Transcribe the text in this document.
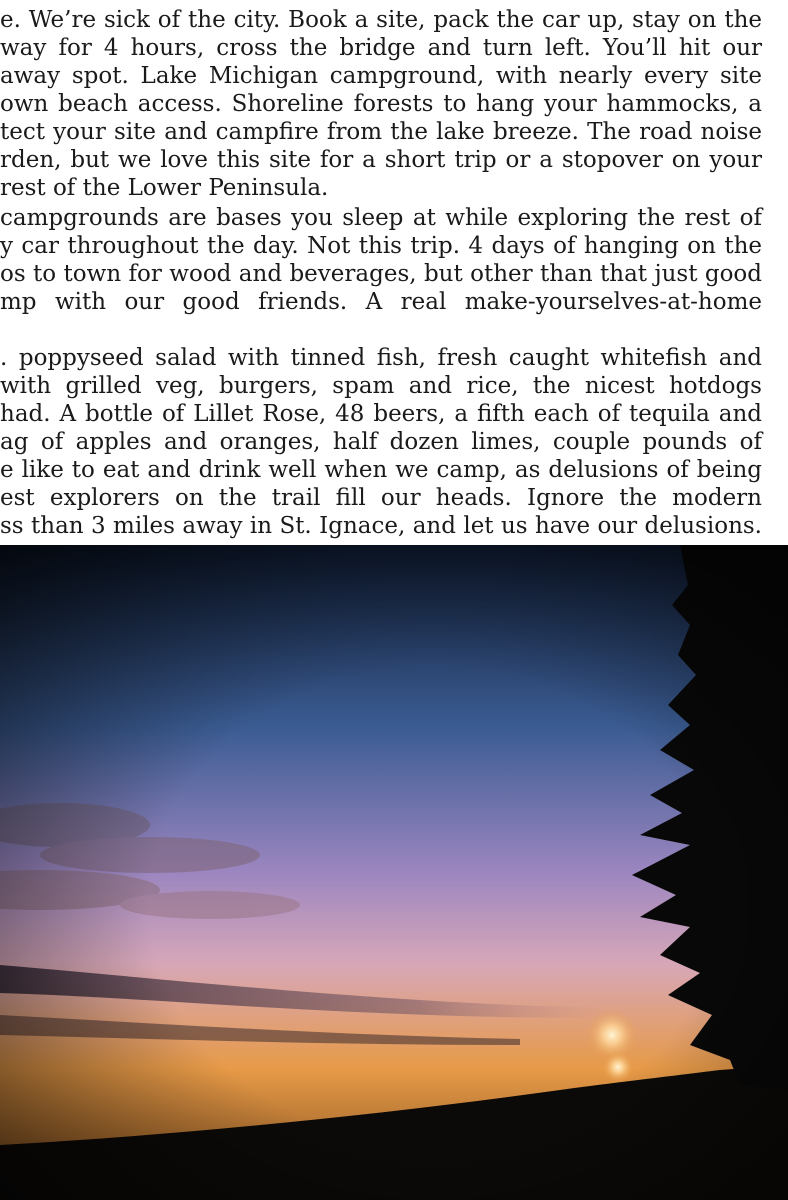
e. We’re sick of the city. Book a site, pack the car up, stay on the

way for 4 hours, cross the bridge and turn left. You’ll hit our

away spot. Lake Michigan campground, with nearly every site

own beach access. Shoreline forests to hang your hammocks, a

tect your site and campfire from the lake breeze. The road noise

rden, but we love this site for a short trip or a stopover on your

rest of the Lower Peninsula.

campgrounds are bases you sleep at while exploring the rest of

y car throughout the day. Not this trip. 4 days of hanging on the

os to town for wood and beverages, but other than that just good

mp with our good friends. A real make-yourselves-at-home

. poppyseed salad with tinned fish, fresh caught whitefish and

with grilled veg, burgers, spam and rice, the nicest hotdogs

had. A bottle of Lillet Rose, 48 beers, a fifth each of tequila and

ag of apples and oranges, half dozen limes, couple pounds of

e like to eat and drink well when we camp, as delusions of being

est explorers on the trail fill our heads. Ignore the modern

ss than 3 miles away in St. Ignace, and let us have our delusions.
